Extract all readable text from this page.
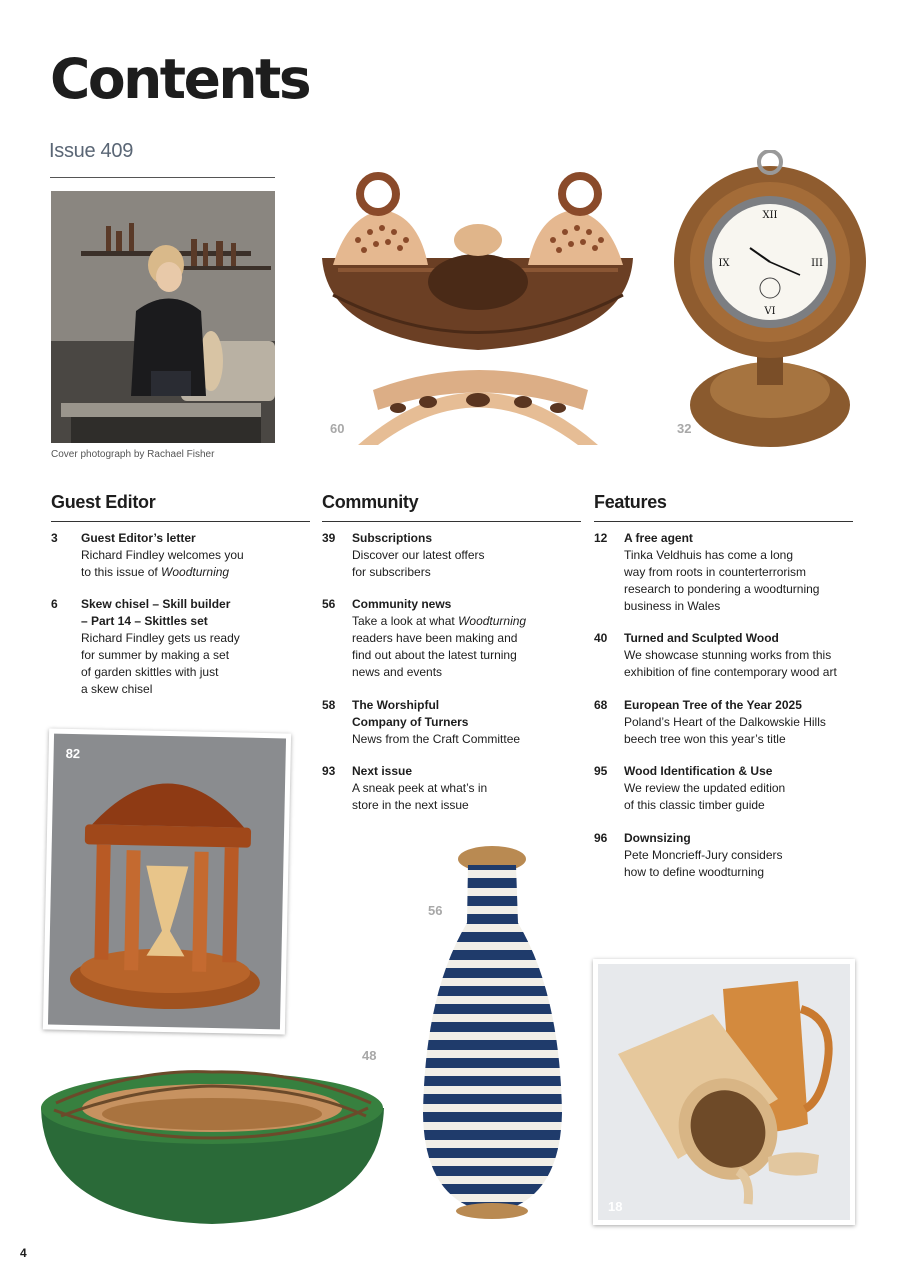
Contents
Issue 409
Cover photograph by Rachael Fisher
60
XII
III
VI
IX
32
Guest Editor	Community	Features
3 Guest Editor’s letter
Richard Findley welcomes you
to this issue of Woodturning
6 Skew chisel – Skill builder
– Part 14 – Skittles set
Richard Findley gets us ready
for summer by making a set
of garden skittles with just
a skew chisel
39 Subscriptions
Discover our latest offers
for subscribers
56 Community news
Take a look at what Woodturning
readers have been making and
find out about the latest turning
news and events
58 The Worshipful
Company of Turners
News from the Craft Committee
93 Next issue
A sneak peek at what’s in
store in the next issue
12 A free agent
Tinka Veldhuis has come a long
way from roots in counterterrorism
research to pondering a woodturning
business in Wales
40 Turned and Sculpted Wood
We showcase stunning works from this
exhibition of fine contemporary wood art
68 European Tree of the Year 2025
Poland’s Heart of the Dalkowskie Hills
beech tree won this year’s title
95 Wood Identification & Use
We review the updated edition
of this classic timber guide
96 Downsizing
Pete Moncrieff-Jury considers
how to define woodturning
82
56
48
18
4
